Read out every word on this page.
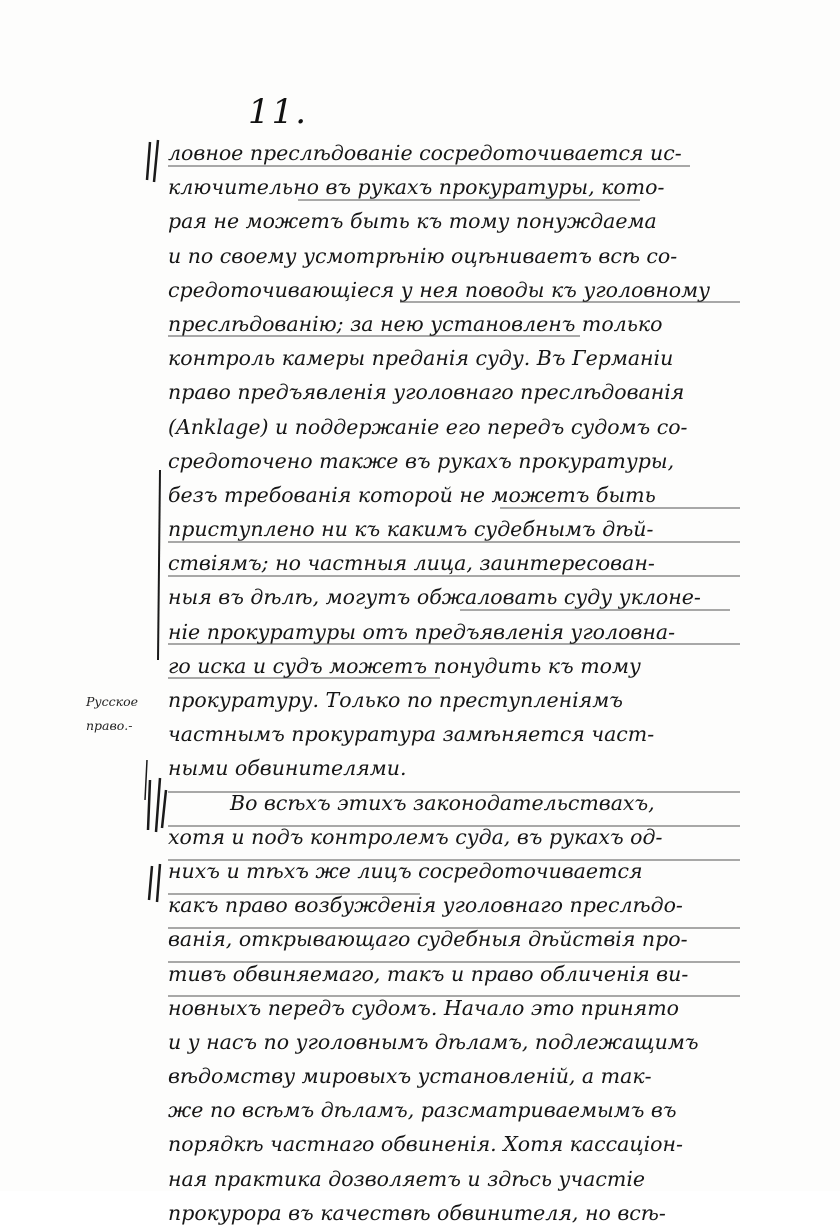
11.
ловное преслѣдованіе сосредоточивается ис-
ключительно въ рукахъ прокуратуры, кото-
рая не можетъ быть къ тому понуждаема
и по своему усмотрѣнію оцѣниваетъ всѣ со-
средоточивающіеся у нея поводы къ уголовному
преслѣдованію; за нею установленъ только
контроль камеры преданія суду. Въ Германіи
право предъявленія уголовнаго преслѣдованія
(Anklage) и поддержаніе его передъ судомъ со-
средоточено также въ рукахъ прокуратуры,
безъ требованія которой не можетъ быть
приступлено ни къ какимъ судебнымъ дѣй-
ствіямъ; но частныя лица, заинтересован-
ныя въ дѣлѣ, могутъ обжаловать суду уклоне-
ніе прокуратуры отъ предъявленія уголовна-
го иска и судъ можетъ понудить къ тому
прокуратуру. Только по преступленіямъ
частнымъ прокуратура замѣняется част-
ными обвинителями.
Во всѣхъ этихъ законодательствахъ,
хотя и подъ контролемъ суда, въ рукахъ од-
нихъ и тѣхъ же лицъ сосредоточивается
какъ право возбужденія уголовнаго преслѣдо-
ванія, открывающаго судебныя дѣйствія про-
тивъ обвиняемаго, такъ и право обличенія ви-
новныхъ передъ судомъ. Начало это принято
и у насъ по уголовнымъ дѣламъ, подлежащимъ
вѣдомству мировыхъ установленій, а так-
же по всѣмъ дѣламъ, разсматриваемымъ въ
порядкѣ частнаго обвиненія. Хотя кассаціон-
ная практика дозволяетъ и здѣсь участіе
прокурора въ качествѣ обвинителя, но всѣ-
Русское
право.-
